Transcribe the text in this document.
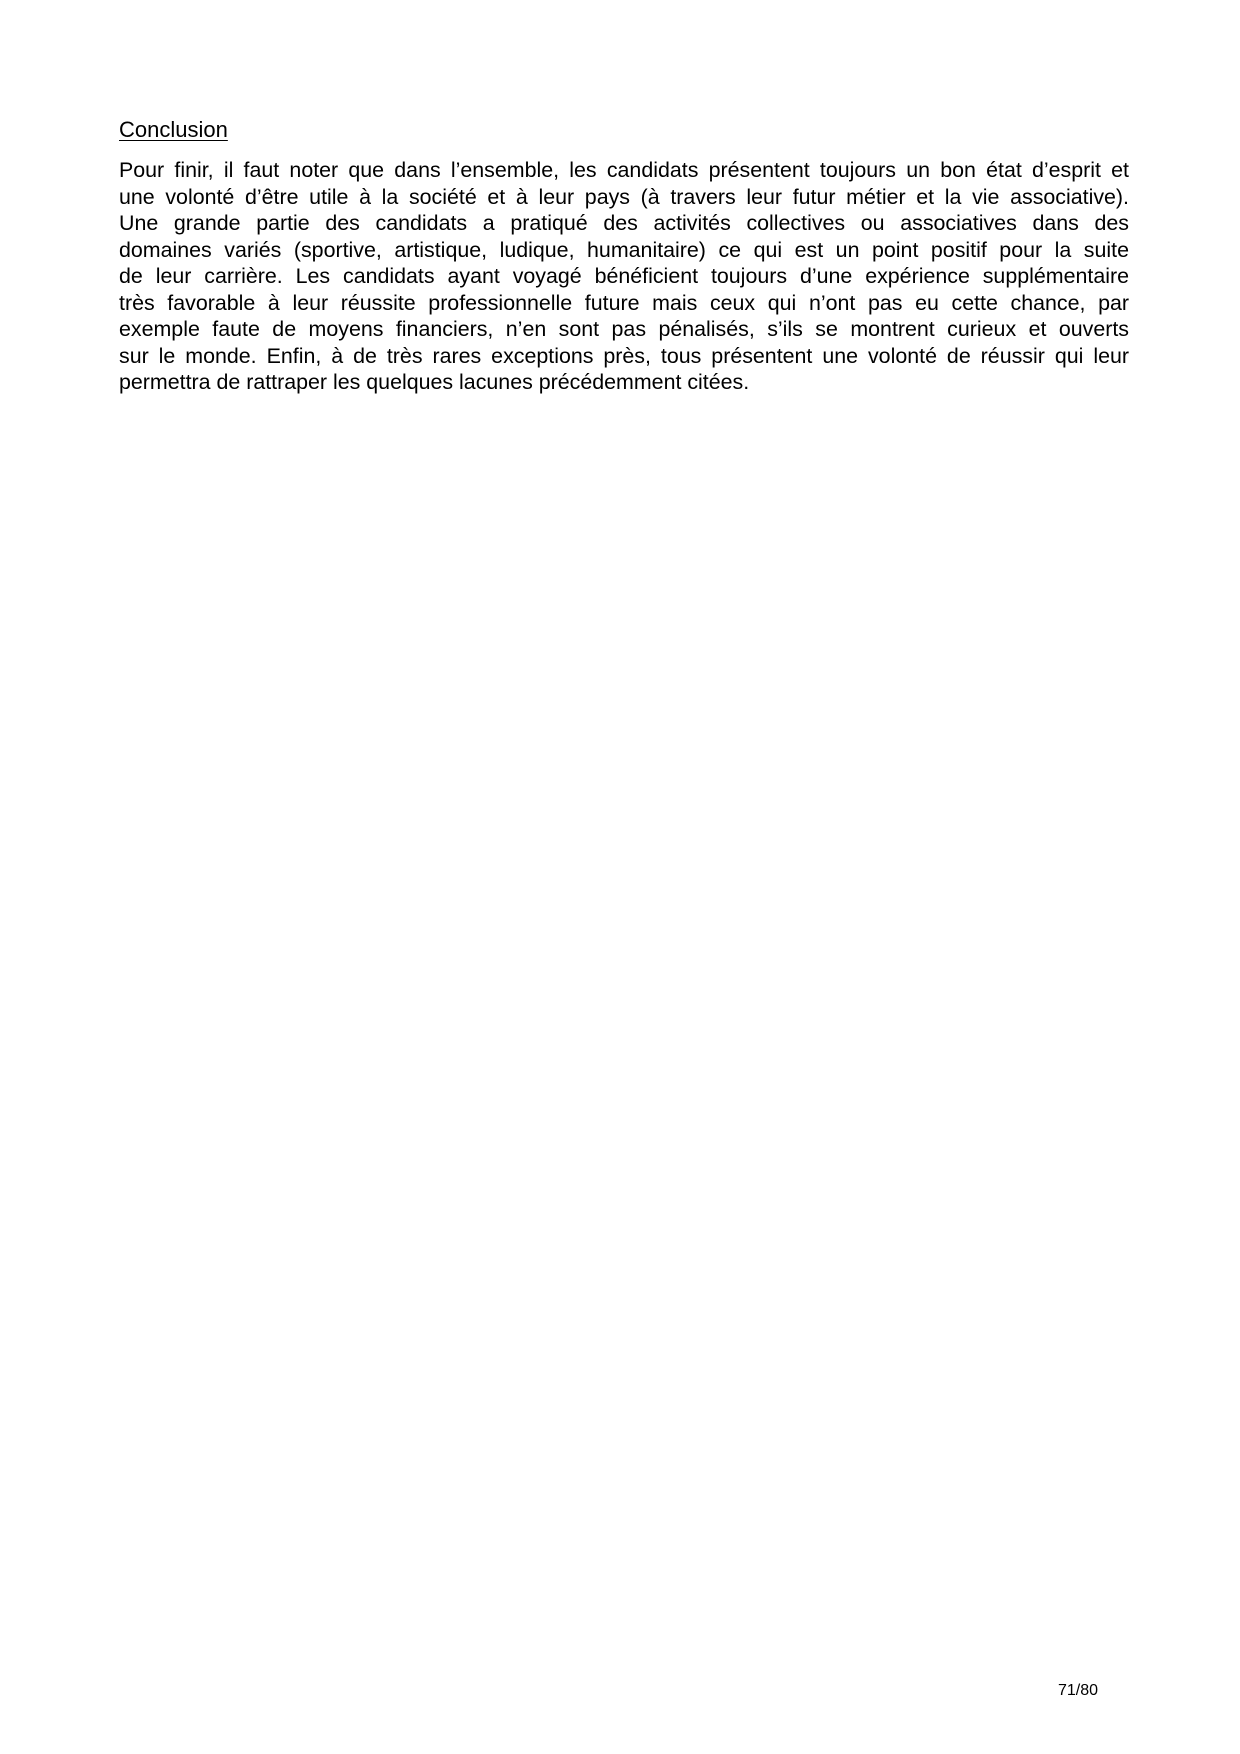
Conclusion

Pour finir, il faut noter que dans l’ensemble, les candidats présentent toujours un bon état d’esprit et
une volonté d’être utile à la société et à leur pays (à travers leur futur métier et la vie associative).
Une grande partie des candidats a pratiqué des activités collectives ou associatives dans des
domaines variés (sportive, artistique, ludique, humanitaire) ce qui est un point positif pour la suite
de leur carrière. Les candidats ayant voyagé bénéficient toujours d’une expérience supplémentaire
très favorable à leur réussite professionnelle future mais ceux qui n’ont pas eu cette chance, par
exemple faute de moyens financiers, n’en sont pas pénalisés, s’ils se montrent curieux et ouverts
sur le monde. Enfin, à de très rares exceptions près, tous présentent une volonté de réussir qui leur
permettra de rattraper les quelques lacunes précédemment citées.

71/80
